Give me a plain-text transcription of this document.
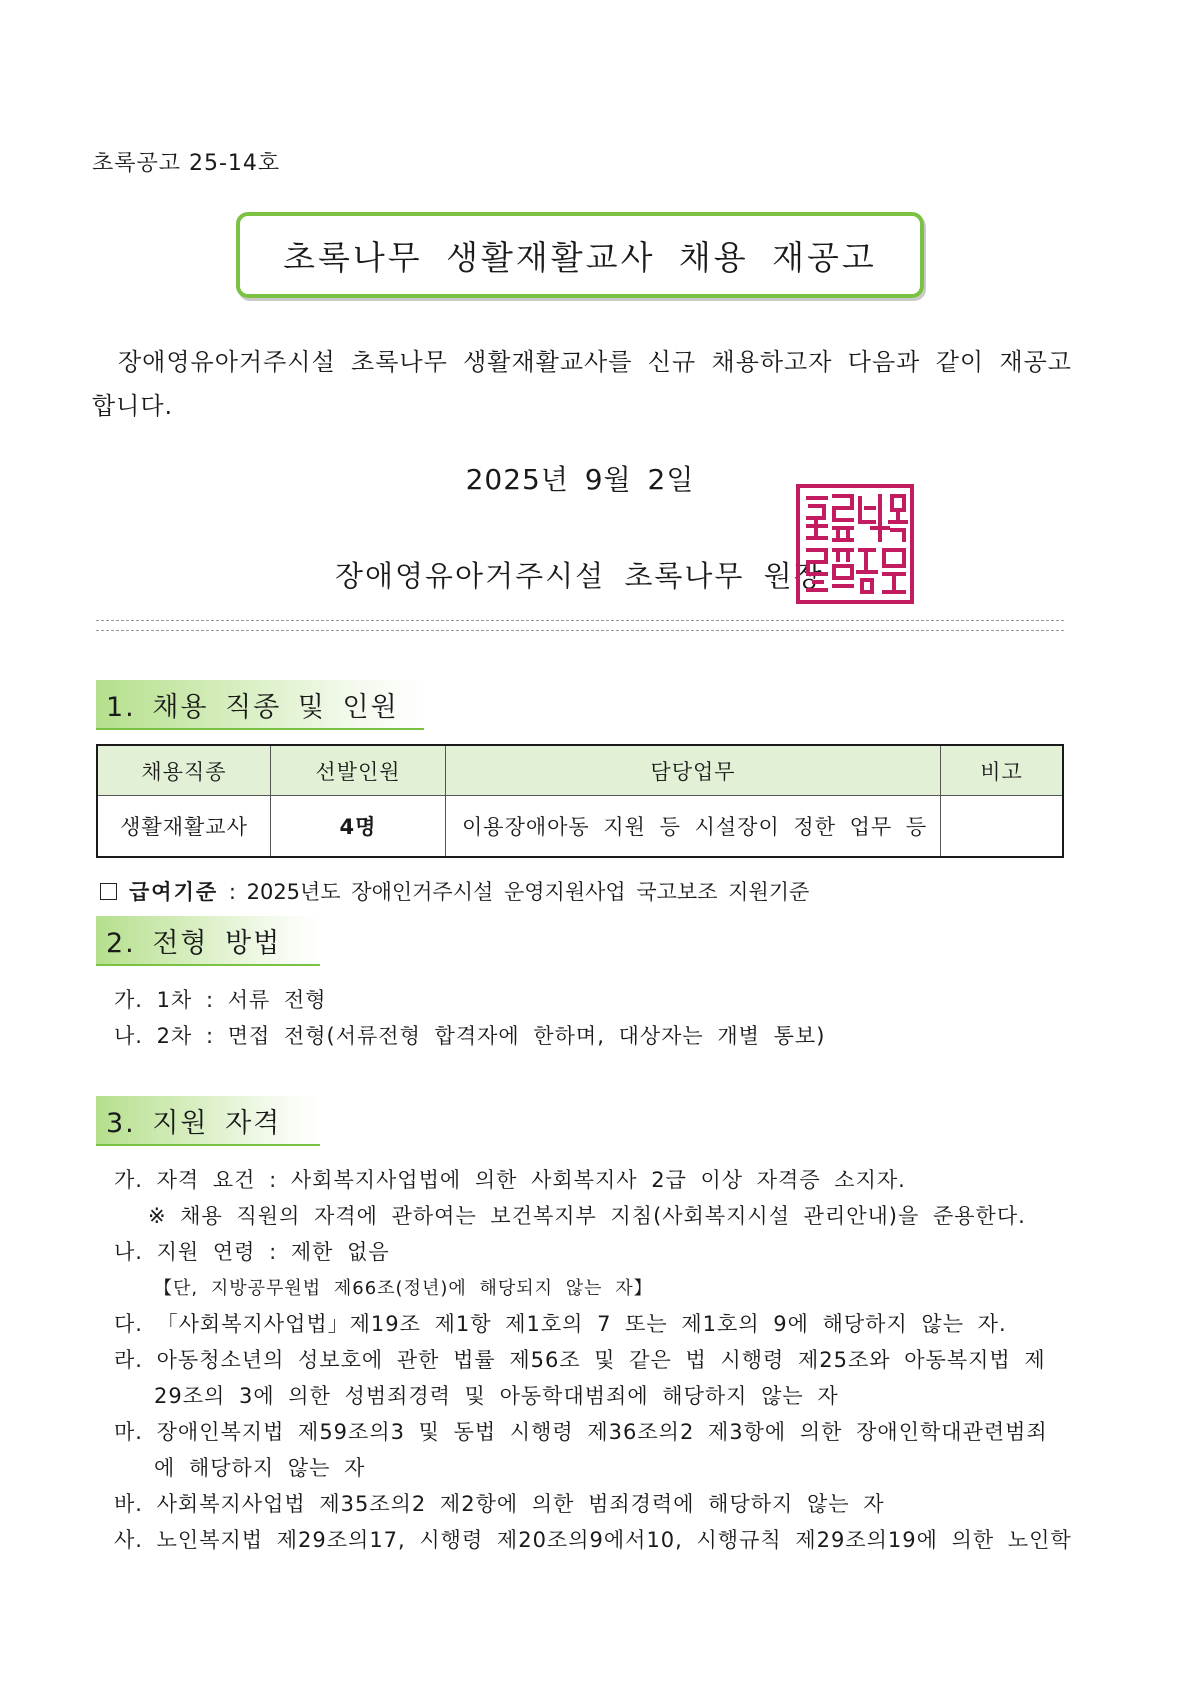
초록공고 25-14호
초록나무 생활재활교사 채용 재공고
장애영유아거주시설 초록나무 생활재활교사를 신규 채용하고자 다음과 같이 재공고합니다.
2025년 9월 2일
장애영유아거주시설 초록나무 원장
1. 채용 직종 및 인원
채용직종	선발인원	담당업무	비고
생활재활교사	4명	이용장애아동 지원 등 시설장이 정한 업무 등	
급여기준 : 2025년도 장애인거주시설 운영지원사업 국고보조 지원기준
2. 전형 방법
가. 1차 : 서류 전형
나. 2차 : 면접 전형(서류전형 합격자에 한하며, 대상자는 개별 통보)
3. 지원 자격
가. 자격 요건 : 사회복지사업법에 의한 사회복지사 2급 이상 자격증 소지자.
※ 채용 직원의 자격에 관하여는 보건복지부 지침(사회복지시설 관리안내)을 준용한다.
나. 지원 연령 : 제한 없음
【단, 지방공무원법 제66조(정년)에 해당되지 않는 자】
다. 「사회복지사업법」제19조 제1항 제1호의 7 또는 제1호의 9에 해당하지 않는 자.
라. 아동청소년의 성보호에 관한 법률 제56조 및 같은 법 시행령 제25조와 아동복지법 제
29조의 3에 의한 성범죄경력 및 아동학대범죄에 해당하지 않는 자
마. 장애인복지법 제59조의3 및 동법 시행령 제36조의2 제3항에 의한 장애인학대관련범죄
에 해당하지 않는 자
바. 사회복지사업법 제35조의2 제2항에 의한 범죄경력에 해당하지 않는 자
사. 노인복지법 제29조의17, 시행령 제20조의9에서10, 시행규칙 제29조의19에 의한 노인학
